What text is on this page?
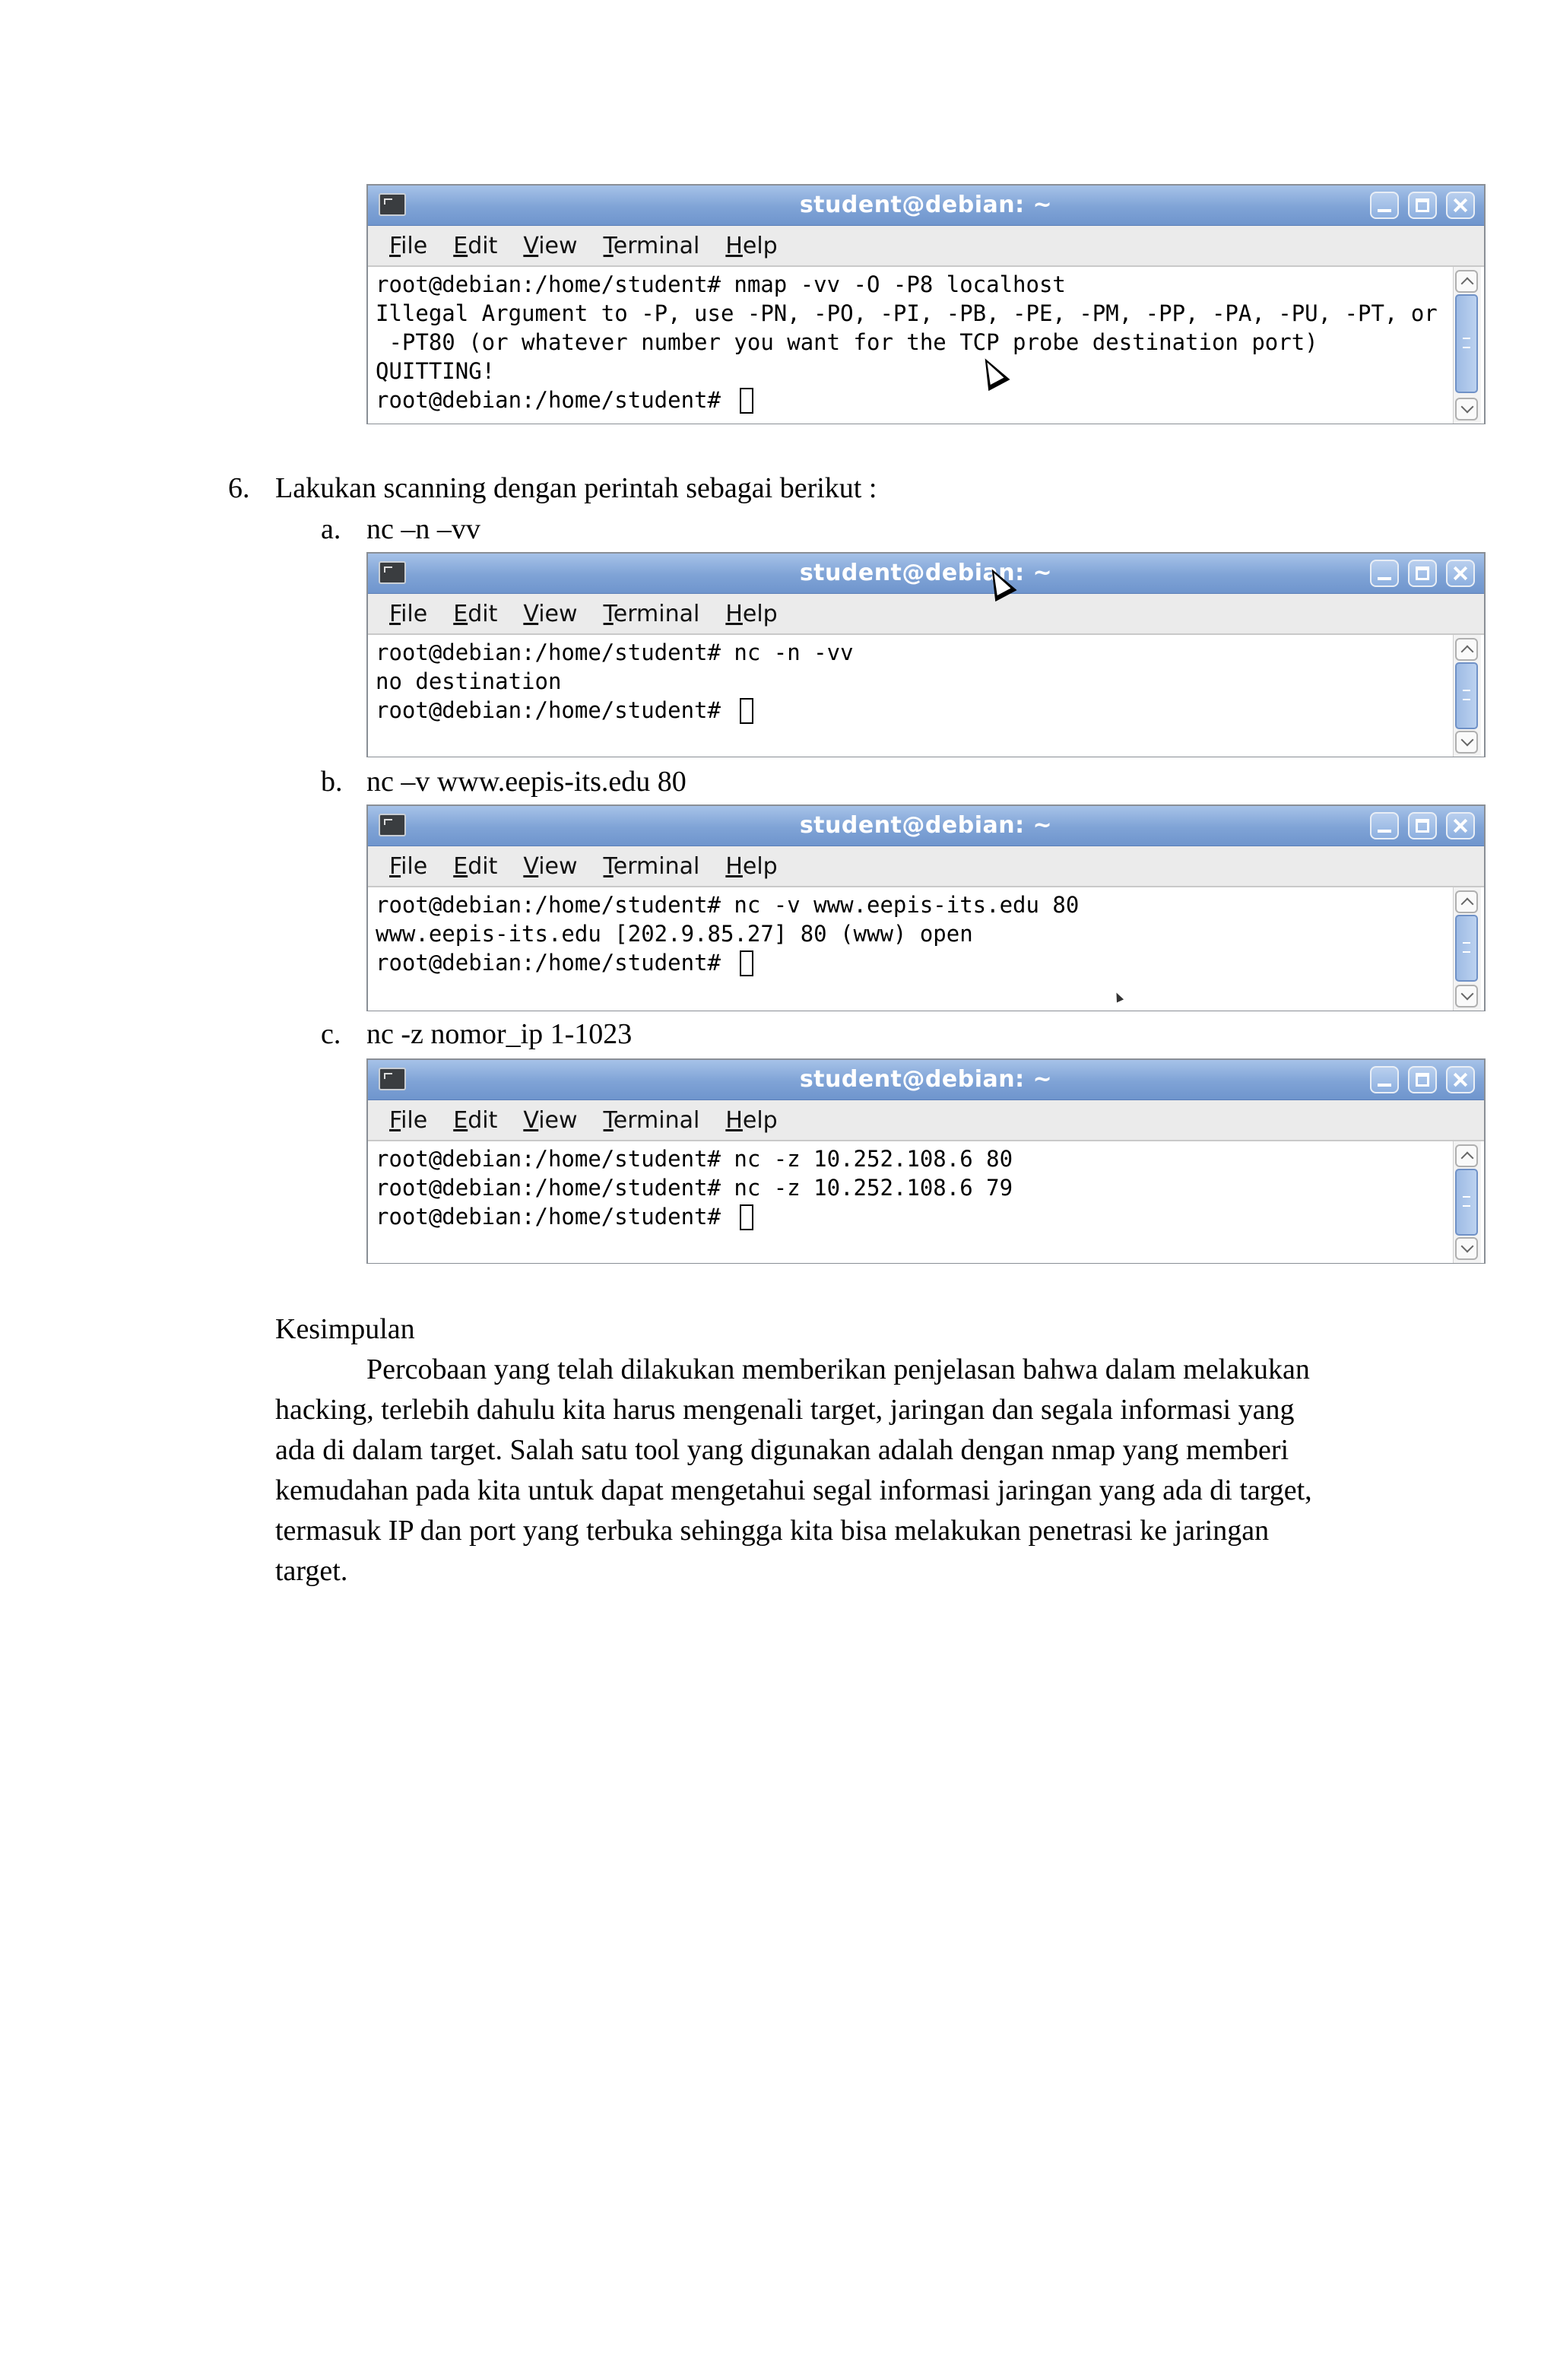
student@debian: ~
File Edit View Terminal Help
root@debian:/home/student# nmap -vv -O -P8 localhost
Illegal Argument to -P, use -PN, -PO, -PI, -PB, -PE, -PM, -PP, -PA, -PU, -PT, or
-PT80 (or whatever number you want for the TCP probe destination port)
QUITTING!
root@debian:/home/student#
6. Lakukan scanning dengan perintah sebagai berikut :
a. nc –n –vv
student@debian: ~
File Edit View Terminal Help
root@debian:/home/student# nc -n -vv
no destination
root@debian:/home/student#
b. nc –v www.eepis-its.edu 80
student@debian: ~
File Edit View Terminal Help
root@debian:/home/student# nc -v www.eepis-its.edu 80
www.eepis-its.edu [202.9.85.27] 80 (www) open
root@debian:/home/student#
c. nc -z nomor_ip 1-1023
student@debian: ~
File Edit View Terminal Help
root@debian:/home/student# nc -z 10.252.108.6 80
root@debian:/home/student# nc -z 10.252.108.6 79
root@debian:/home/student#
Kesimpulan
Percobaan yang telah dilakukan memberikan penjelasan bahwa dalam melakukan
hacking, terlebih dahulu kita harus mengenali target, jaringan dan segala informasi yang
ada di dalam target. Salah satu tool yang digunakan adalah dengan nmap yang memberi
kemudahan pada kita untuk dapat mengetahui segal informasi jaringan yang ada di target,
termasuk IP dan port yang terbuka sehingga kita bisa melakukan penetrasi ke jaringan
target.
